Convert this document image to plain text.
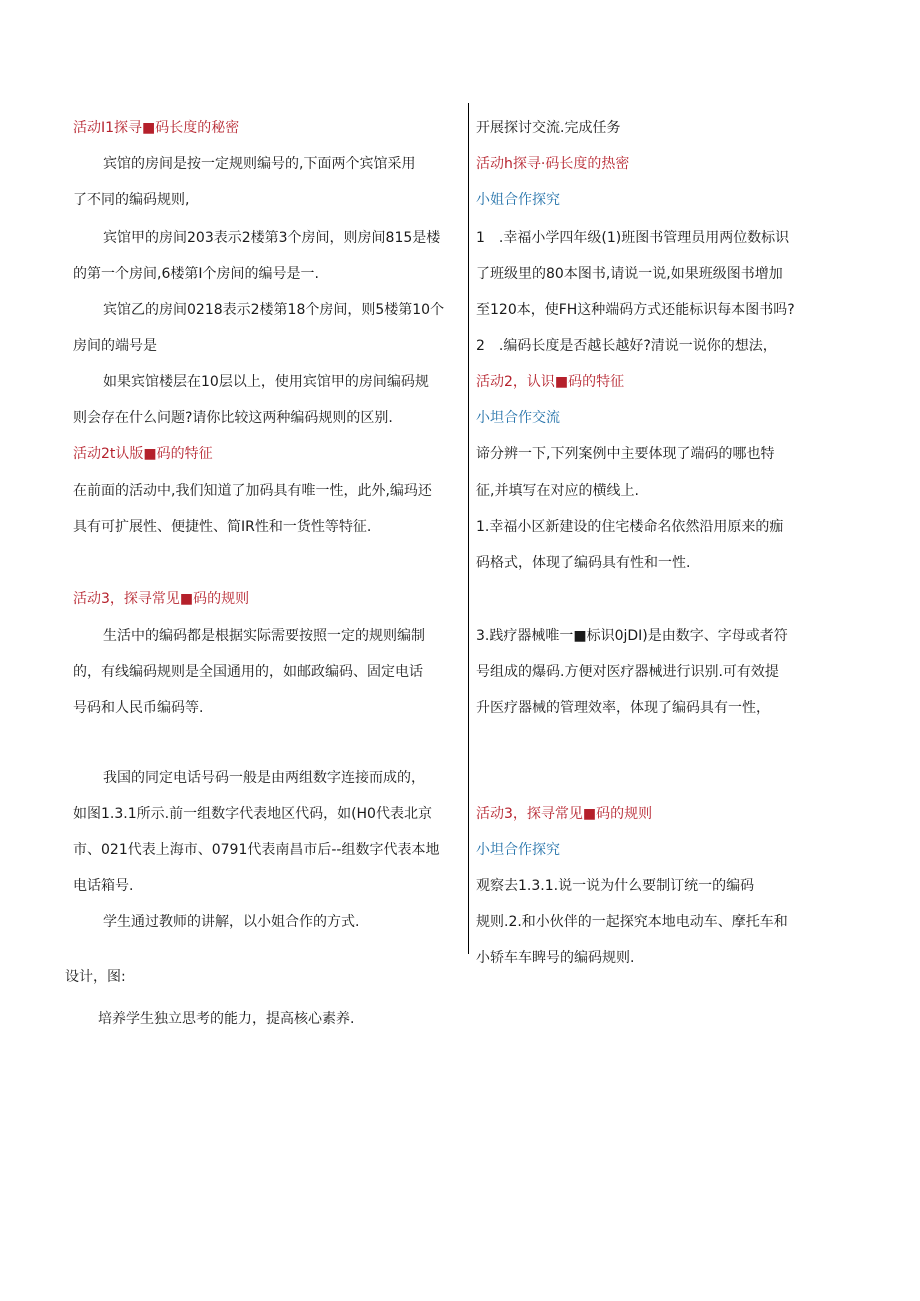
活动I1探寻■码长度的秘密
宾馆的房间是按一定规则编号的,下面两个宾馆采用
了不同的编码规则,
宾馆甲的房间203表示2楼第3个房间，则房间815是楼
的第一个房间,6楼第I个房间的编号是一.
宾馆乙的房间0218表示2楼第18个房间，则5楼第10个
房间的端号是
如果宾馆楼层在10层以上，使用宾馆甲的房间编码规
则会存在什么问题?请你比较这两种编码规则的区别.
活动2t认版■码的特征
在前面的活动中,我们知道了加码具有唯一性，此外,编玛还
具有可扩展性、便捷性、简IR性和一货性等特征.
活动3，探寻常见■码的规则
生活中的编码都是根据实际需要按照一定的规则编制
的，有线编码规则是全国通用的，如邮政编码、固定电话
号码和人民币编码等.
我国的同定电话号码一般是由两组数字连接而成的，
如图1.3.1所示.前一组数字代表地区代码，如(H0代表北京
市、021代表上海市、0791代表南昌市后--组数字代表本地
电话箱号.
学生通过教师的讲解，以小姐合作的方式.
开展探讨交流.完成任务
活动h探寻·码长度的热密
小姐合作探究
1　.幸福小学四年级(1)班图书管理员用两位数标识
了班级里的80本图书,请说一说,如果班级图书增加
至120本，使FH这种端码方式还能标识每本图书吗?
2　.编码长度是否越长越好?清说一说你的想法，
活动2，认识■码的特征
小坦合作交流
谛分辨一下,下列案例中主要体现了端码的哪也特
征,并填写在对应的横线上.
1.幸福小区新建设的住宅楼命名依然沿用原来的痂
码格式，体现了编码具有性和一性.
3.践疗器械唯一■标识0jDI)是由数字、字母或者符
号组成的爆码.方便对医疗器械进行识别.可有效提
升医疗器械的管理效率，体现了编码具有一性，
活动3，探寻常见■码的规则
小坦合作探究
观察去1.3.1.说一说为什么要制订统一的编码
规则.2.和小伙伴的一起探究本地电动车、摩托车和
小轿车车睥号的编码规则.
设计，图:
培养学生独立思考的能力，提高核心素养.
